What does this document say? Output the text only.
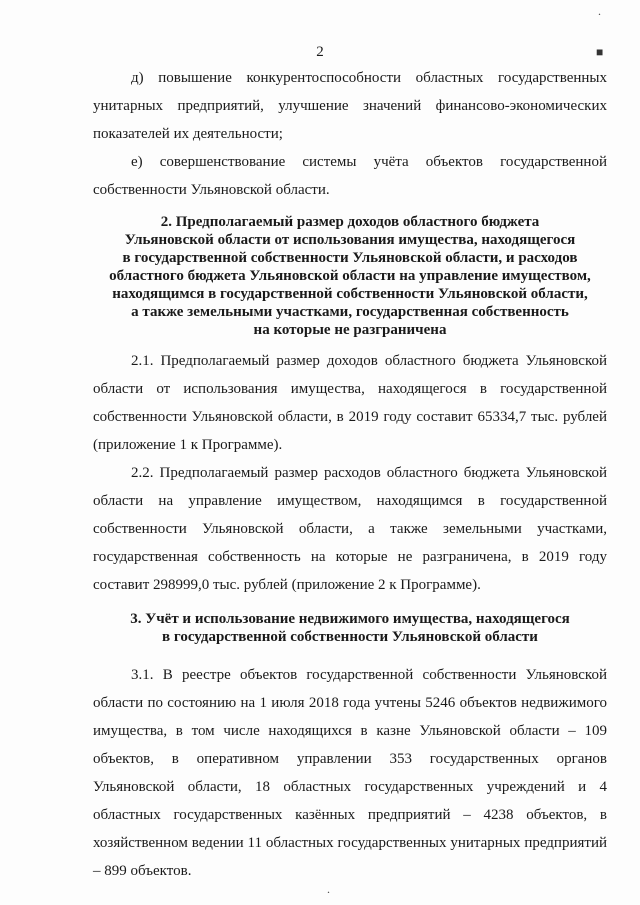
2	■
.
.

д) повышение конкурентоспособности областных государственных унитарных предприятий, улучшение значений финансово-экономических показателей их деятельности;

е) совершенствование системы учёта объектов государственной собственности Ульяновской области.

2. Предполагаемый размер доходов областного бюджета
Ульяновской области от использования имущества, находящегося
в государственной собственности Ульяновской области, и расходов
областного бюджета Ульяновской области на управление имуществом,
находящимся в государственной собственности Ульяновской области,
а также земельными участками, государственная собственность
на которые не разграничена

2.1. Предполагаемый размер доходов областного бюджета Ульяновской области от использования имущества, находящегося в государственной собственности Ульяновской области, в 2019 году составит 65334,7 тыс. рублей (приложение 1 к Программе).

2.2. Предполагаемый размер расходов областного бюджета Ульяновской области на управление имуществом, находящимся в государственной собственности Ульяновской области, а также земельными участками, государственная собственность на которые не разграничена, в 2019 году составит 298999,0 тыс. рублей (приложение 2 к Программе).

3. Учёт и использование недвижимого имущества, находящегося
в государственной собственности Ульяновской области

3.1. В реестре объектов государственной собственности Ульяновской области по состоянию на 1 июля 2018 года учтены 5246 объектов недвижимого имущества, в том числе находящихся в казне Ульяновской области – 109 объектов, в оперативном управлении 353 государственных органов Ульяновской области, 18 областных государственных учреждений и 4 областных государственных казённых предприятий – 4238 объектов, в хозяйственном ведении 11 областных государственных унитарных предприятий – 899 объектов.
